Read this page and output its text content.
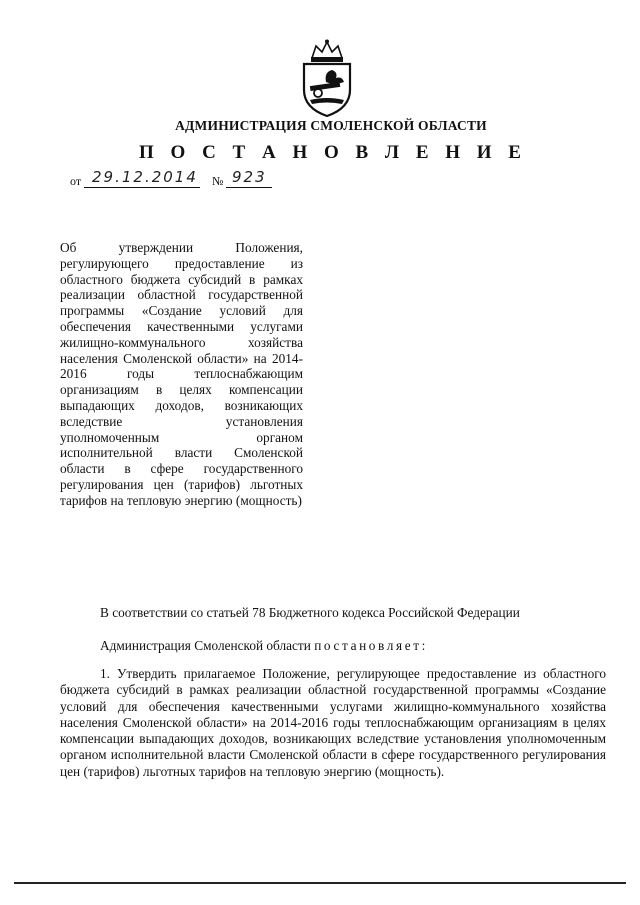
АДМИНИСТРАЦИЯ СМОЛЕНСКОЙ ОБЛАСТИ
П О С Т А Н О В Л Е Н И Е
от 29.12.2014 № 923
Об утверждении Положения, регулирующего предоставление из областного бюджета субсидий в рамках реализации областной государственной программы «Создание условий для обеспечения качественными услугами жилищно-коммунального хозяйства населения Смоленской области» на 2014-2016 годы теплоснабжающим организациям в целях компенсации выпадающих доходов, возникающих вследствие установления уполномоченным органом исполнительной власти Смоленской области в сфере государственного регулирования цен (тарифов) льготных тарифов на тепловую энергию (мощность)
В соответствии со статьей 78 Бюджетного кодекса Российской Федерации
Администрация Смоленской области постановляет:
1. Утвердить прилагаемое Положение, регулирующее предоставление из областного бюджета субсидий в рамках реализации областной государственной программы «Создание условий для обеспечения качественными услугами жилищно-коммунального хозяйства населения Смоленской области» на 2014-2016 годы теплоснабжающим организациям в целях компенсации выпадающих доходов, возникающих вследствие установления уполномоченным органом исполнительной власти Смоленской области в сфере государственного регулирования цен (тарифов) льготных тарифов на тепловую энергию (мощность).
